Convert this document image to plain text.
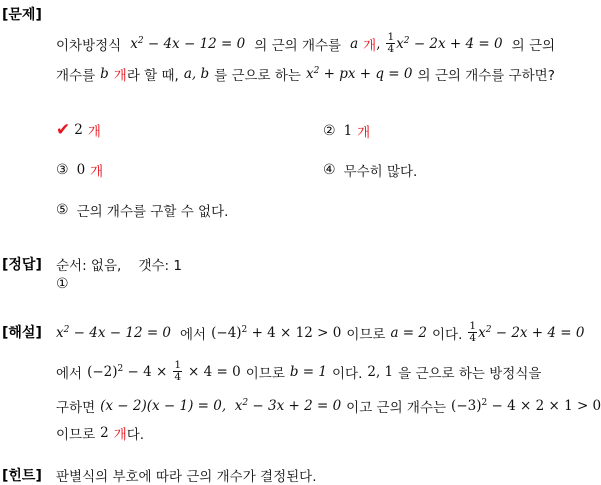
[문제]
이차방정식 $x^2 - 4x - 12 = 0$ 의 근의 개수를 a 개 , $\frac{1}{4} x^2 - 2x + 4 = 0$ 의 근의
개수를 b 개 라 할 때, a, b 를 근으로 하는 $x^2$ + px + q = 0 의 근의 개수를 구하면?
✔ 2 개	② 1 개
③ 0 개	④ 무수히 많다.
⑤ 근의 개수를 구할 수 없다.
[정답] 순서: 없음,    갯수: 1
①
[해설] $x^2 - 4x - 12 = 0$ 에서 $(-4)^2 + 4 \times 12 > 0$ 이므로 a = 2 이다. $\frac{1}{4} x^2 - 2x + 4 = 0$
에서 $(-2)^2 - 4 \times \frac{1}{4} \times 4 = 0$ 이므로 b = 1 이다. 2, 1 을 근으로 하는 방정식을
구하면 (x − 2)(x − 1) = 0,  $x^2 - 3x + 2 = 0$ 이고 근의 개수는 $(-3)^2 - 4 \times 2 \times 1 > 0$
이므로 2 개 다.
[힌트] 판별식의 부호에 따라 근의 개수가 결정된다.
